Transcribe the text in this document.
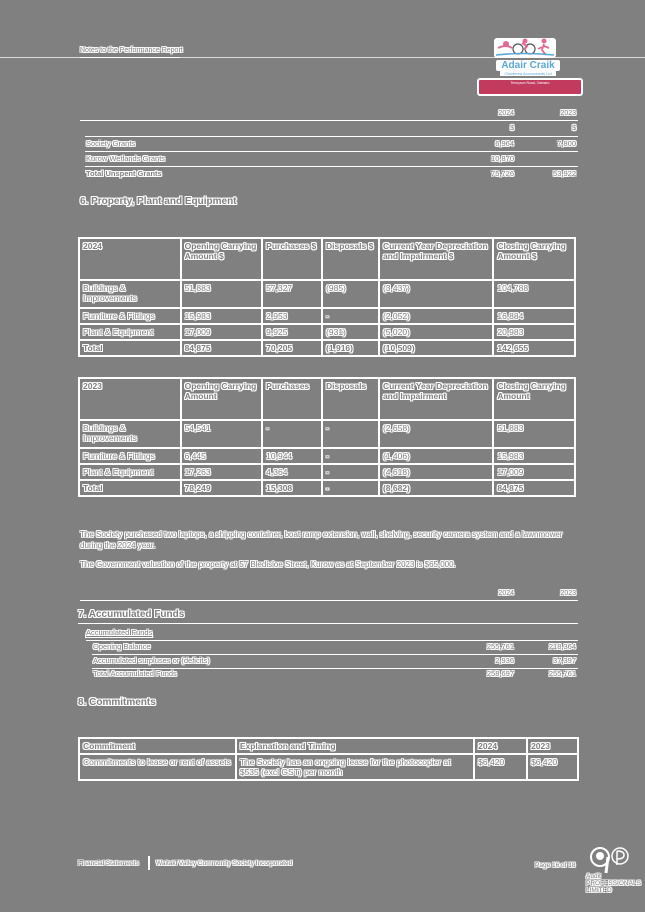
Notes to the Performance Report
Adair Craik
Chartered Accountants Ltd
Tennyson Road, Oamaru
2024	2023
$	$
Society Grants	6,964	7,800
Kurow Wetlands Grants	10,870
Total Unspent Grants	75,726	53,922
6. Property, Plant and Equipment
2024	Opening Carrying Amount $	Purchases $	Disposals $	Current Year Depreciation and Impairment $	Closing Carrying Amount $
Buildings & Improvements	51,883	57,327	(985)	(3,437)	104,788
Furniture & Fittings	15,983	2,953	-	(2,052)	16,884
Plant & Equipment	17,009	9,925	(931)	(5,020)	20,983
Total	84,875	70,205	(1,916)	(10,509)	142,655
2023	Opening Carrying Amount	Purchases	Disposals	Current Year Depreciation and Impairment	Closing Carrying Amount
Buildings & Improvements	54,541	-	-	(2,658)	51,883
Furniture & Fittings	6,445	10,944	-	(1,406)	15,983
Plant & Equipment	17,263	4,364	-	(4,618)	17,009
Total	78,249	15,308	-	(8,682)	84,875
The Society purchased two laptops, a shipping container, boat ramp extension, wall, shelving, security camera system and a lawnmower during the 2024 year.
The Government valuation of the property at 57 Bledisloe Street, Kurow as at September 2023 is $65,000.
2024	2023
7. Accumulated Funds
Accumulated Funds
Opening Balance	255,761	218,364
Accumulated surpluses or (deficits)	2,936	37,397
Total Accumulated Funds	258,697	255,761
8. Commitments
Commitment	Explanation and Timing	2024	2023
Commitments to lease or rent of assets	The Society has an ongoing lease for the photocopier at $535 (excl GST) per month	$6,420	$6,420
Financial Statements	Waitaki Valley Community Society Incorporated	Page 16 of 18
Audit
PROFESSIONALS
LIMITED
